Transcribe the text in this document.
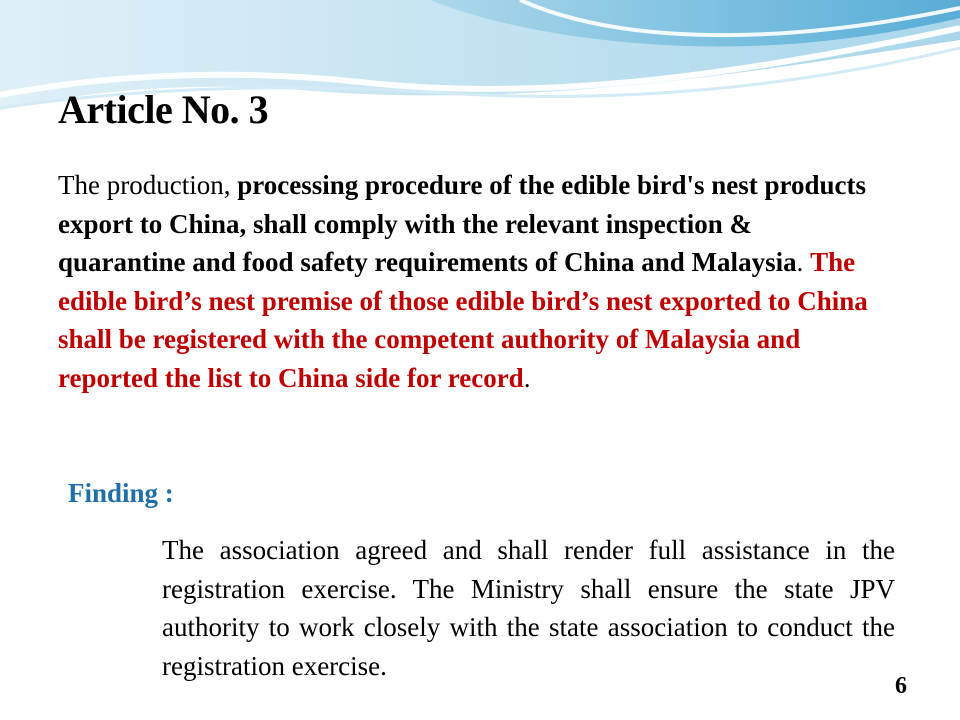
Article No. 3
The production, processing procedure of the edible bird's nest products export to China, shall comply with the relevant inspection & quarantine and food safety requirements of China and Malaysia. The edible bird’s nest premise of those edible bird’s nest exported to China shall be registered with the competent authority of Malaysia and reported the list to China side for record.
Finding :
The association agreed and shall render full assistance in the registration exercise. The Ministry shall ensure the state JPV authority to work closely with the state association to conduct the registration exercise.
6
